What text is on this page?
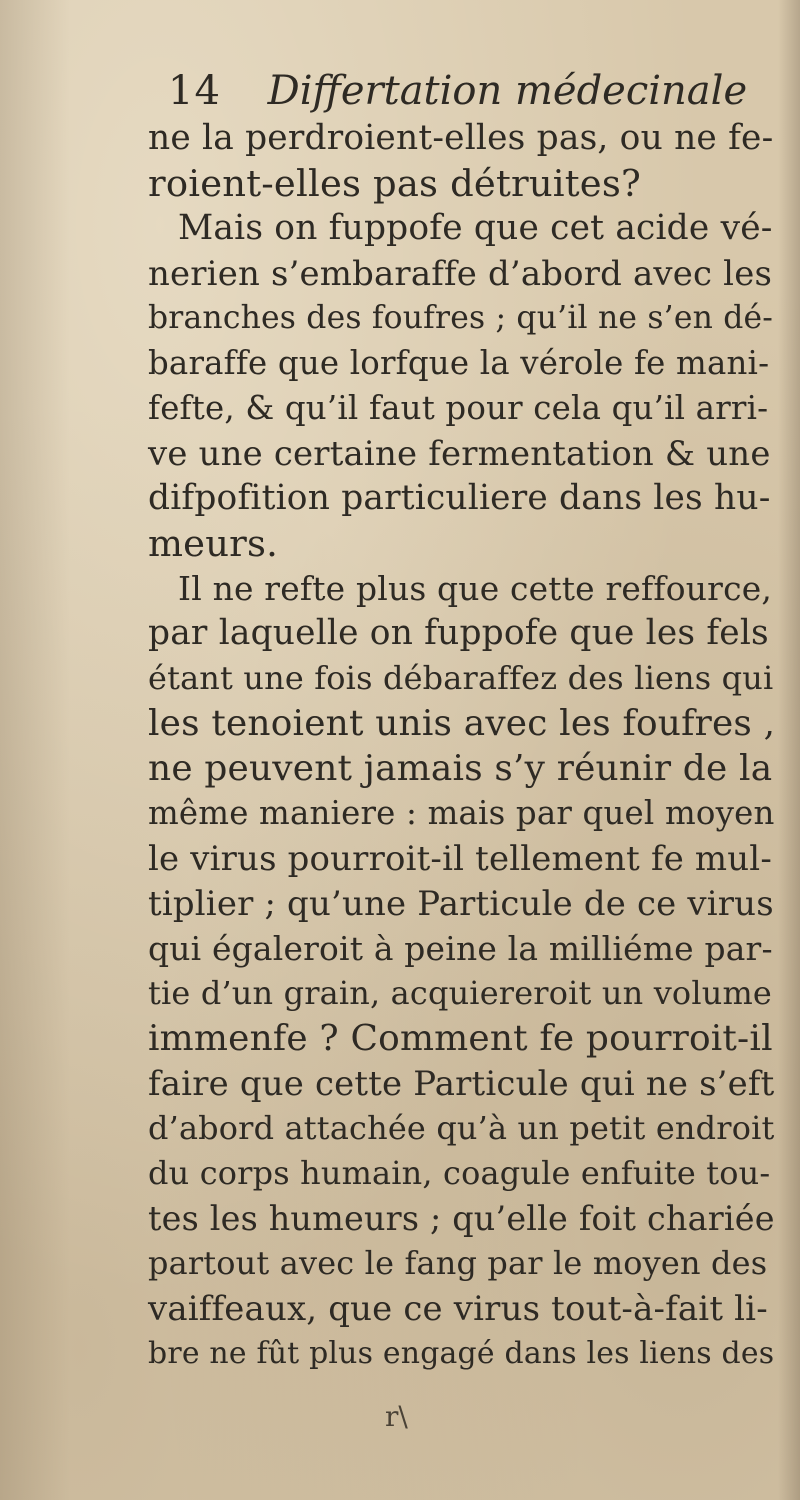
14 Differtation médecinale
ne la perdroient-elles pas, ou ne fe-
roient-elles pas détruites?
Mais on fuppofe que cet acide vé-
nerien s’embaraffe d’abord avec les
branches des foufres ; qu’il ne s’en dé-
baraffe que lorfque la vérole fe mani-
fefte, & qu’il faut pour cela qu’il arri-
ve une certaine fermentation & une
difpofition particuliere dans les hu-
meurs.
Il ne refte plus que cette reffource,
par laquelle on fuppofe que les fels
étant une fois débaraffez des liens qui
les tenoient unis avec les foufres ,
ne peuvent jamais s’y réunir de la
même maniere : mais par quel moyen
le virus pourroit-il tellement fe mul-
tiplier ; qu’une Particule de ce virus
qui égaleroit à peine la milliéme par-
tie d’un grain, acquiereroit un volume
immenfe ? Comment fe pourroit-il
faire que cette Particule qui ne s’eft
d’abord attachée qu’à un petit endroit
du corps humain, coagule enfuite tou-
tes les humeurs ; qu’elle foit chariée
partout avec le fang par le moyen des
vaiffeaux, que ce virus tout-à-fait li-
bre ne fût plus engagé dans les liens des
r\
